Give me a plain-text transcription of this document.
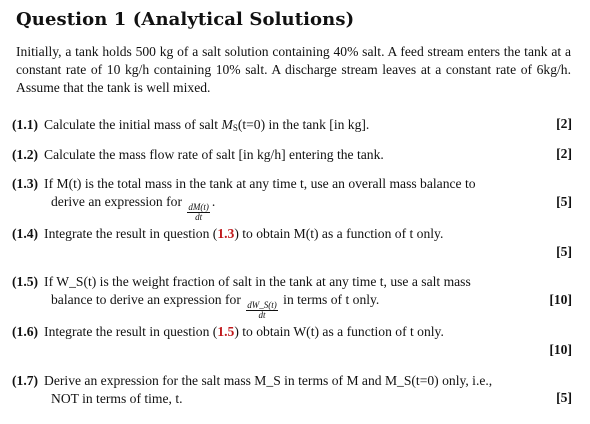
Question 1 (Analytical Solutions)
Initially, a tank holds 500 kg of a salt solution containing 40% salt. A feed stream enters the tank at a constant rate of 10 kg/h containing 10% salt. A discharge stream leaves at a constant rate of 6kg/h. Assume that the tank is well mixed.
(1.1) Calculate the initial mass of salt $M_S(t=0)$ in the tank [in kg].	[2]
(1.2) Calculate the mass flow rate of salt [in kg/h] entering the tank.	[2]
(1.3) If M(t) is the total mass in the tank at any time t, use an overall mass balance to
derive an expression for
$\frac{dM(t)}{dt}$
.	[5]
(1.4) Integrate the result in question (1.3) to obtain M(t) as a function of t only.
[5]
(1.5) If W_S(t) is the weight fraction of salt in the tank at any time t, use a salt mass
balance to derive an expression for
$\frac{dW\_S(t)}{dt}$
in terms of t only.	[10]
(1.6) Integrate the result in question (1.5) to obtain W(t) as a function of t only.
[10]
(1.7) Derive an expression for the salt mass M_S in terms of M and M_S(t=0) only, i.e.,
NOT in terms of time, t.	[5]
